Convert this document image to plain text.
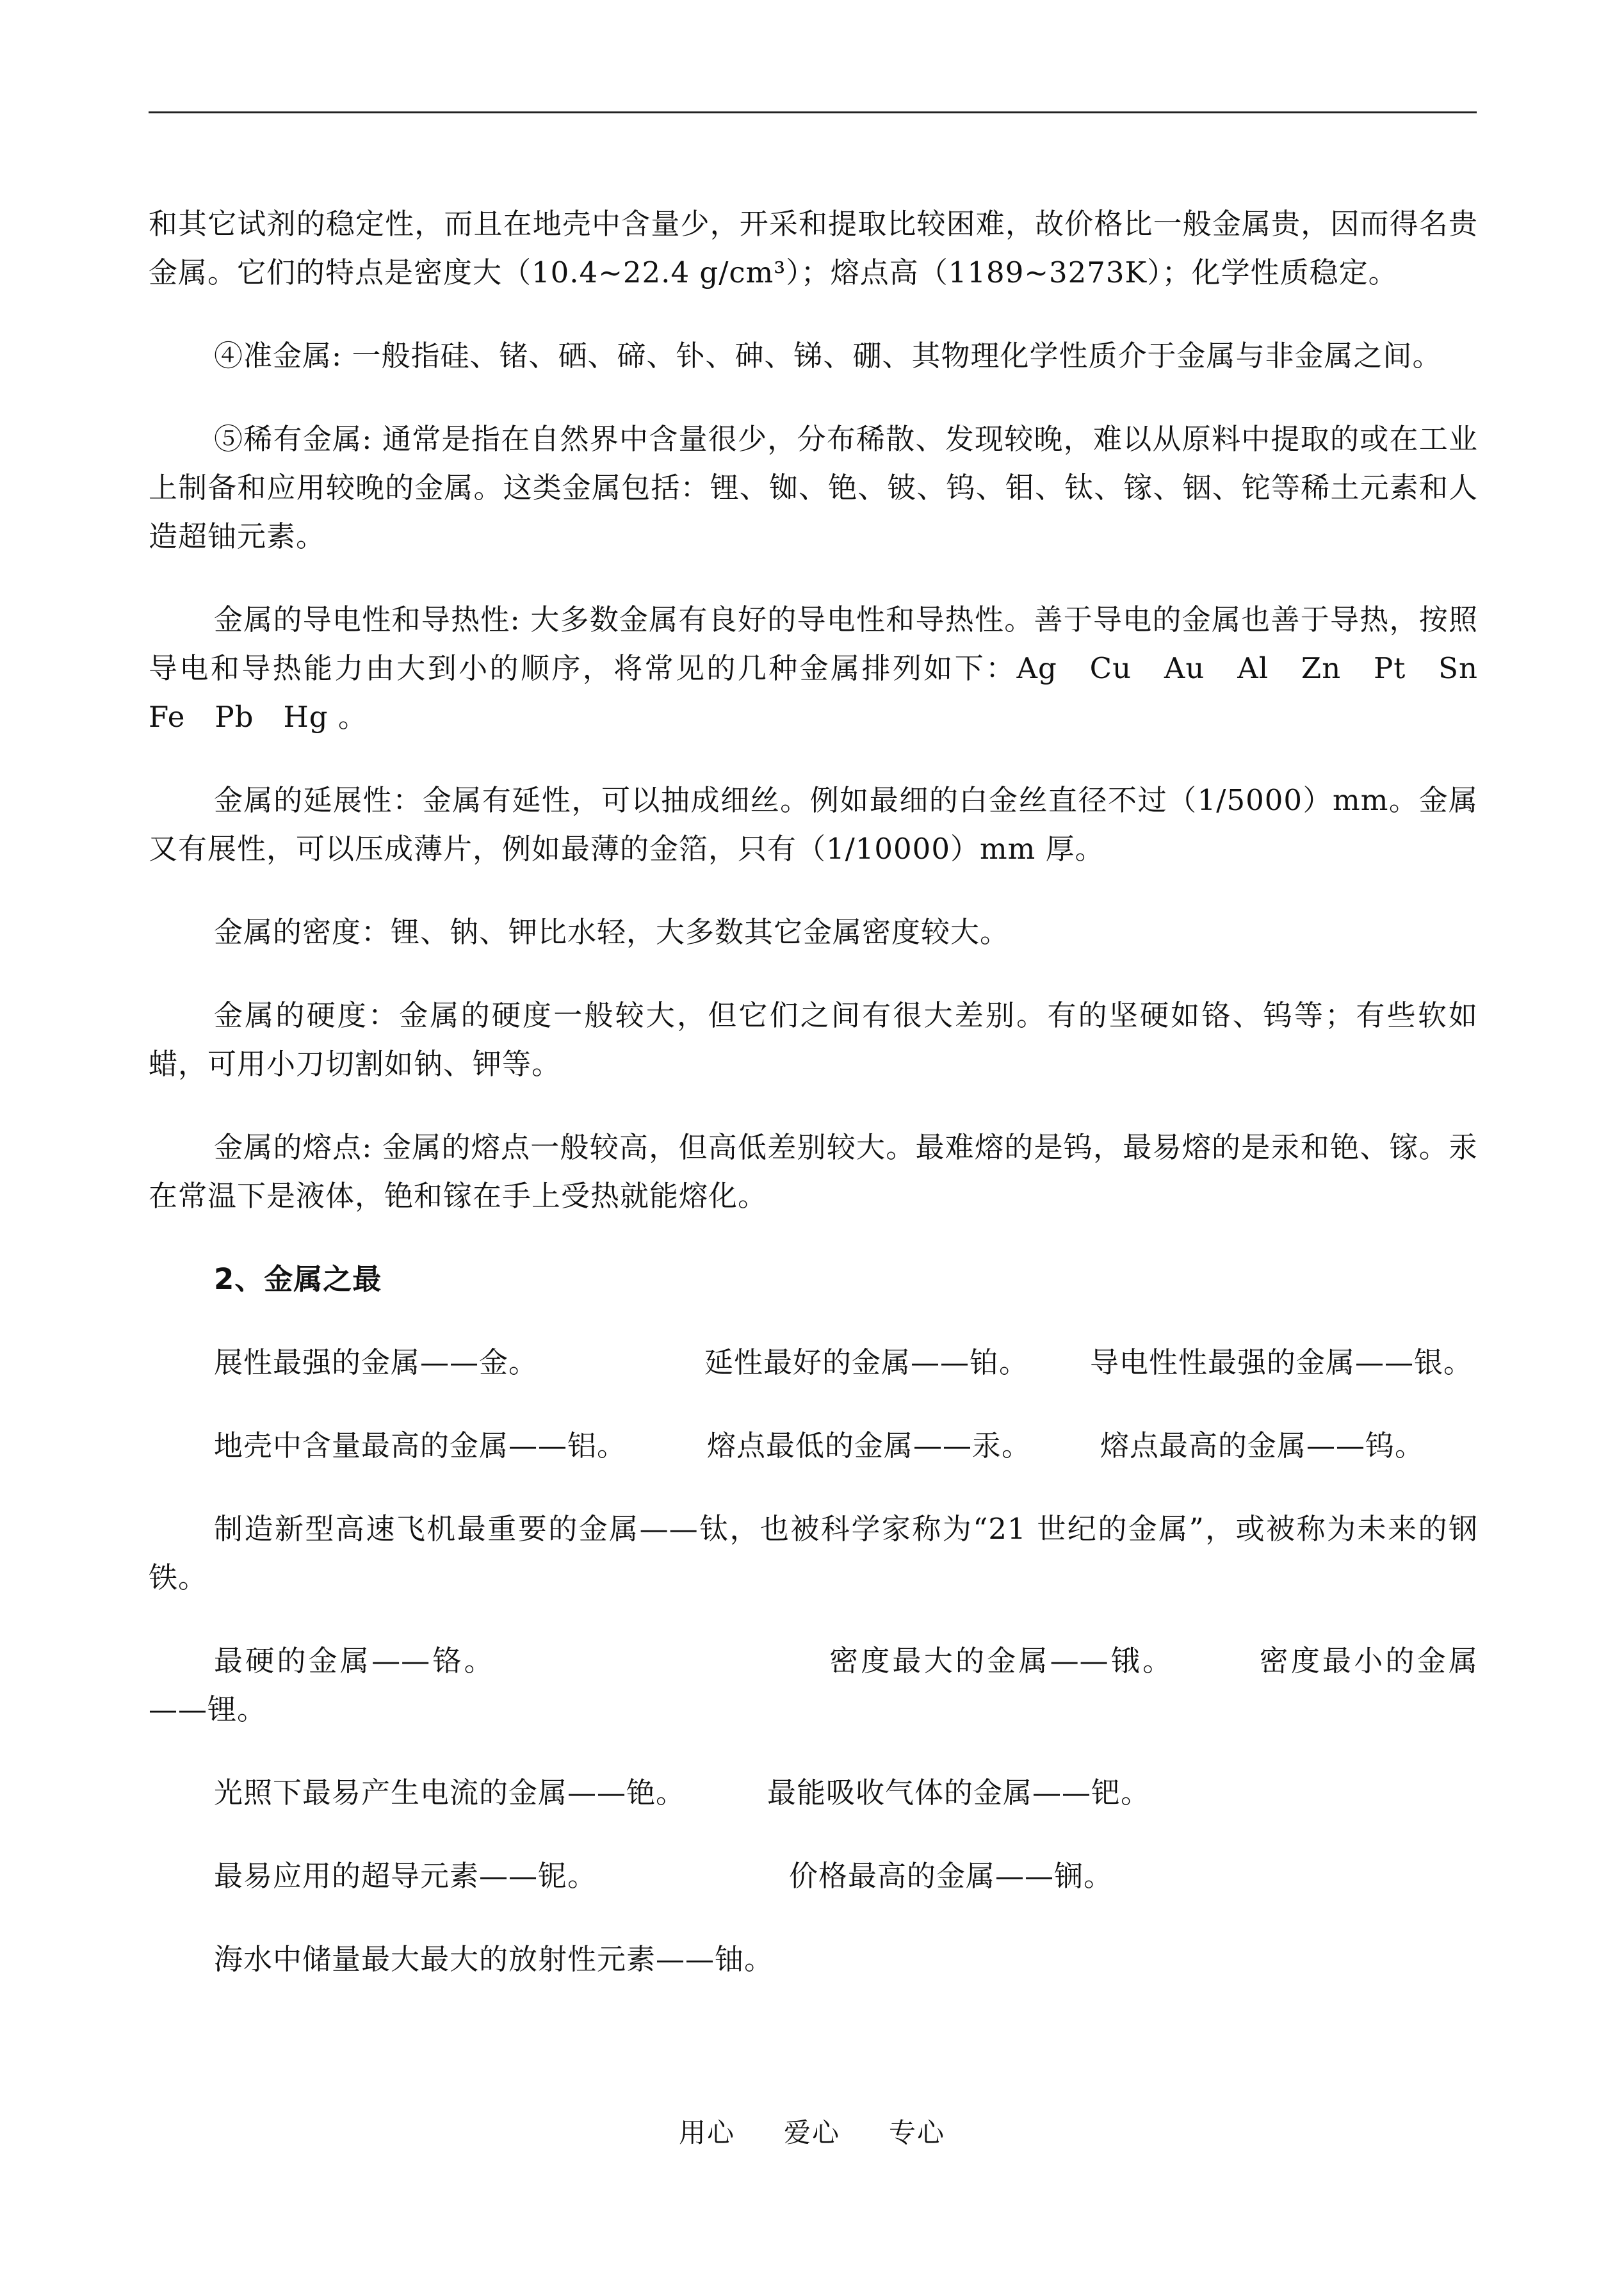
和其它试剂的稳定性，而且在地壳中含量少，开采和提取比较困难，故价格比一般金属贵，因而得名贵金属。它们的特点是密度大（10.4~22.4 g/cm³）；熔点高（1189~3273K）；化学性质稳定。

④准金属: 一般指硅、锗、硒、碲、钋、砷、锑、硼、其物理化学性质介于金属与非金属之间。

⑤稀有金属: 通常是指在自然界中含量很少，分布稀散、发现较晚，难以从原料中提取的或在工业上制备和应用较晚的金属。这类金属包括：锂、铷、铯、铍、钨、钼、钛、镓、铟、铊等稀土元素和人造超铀元素。

金属的导电性和导热性: 大多数金属有良好的导电性和导热性。善于导电的金属也善于导热，按照导电和导热能力由大到小的顺序，将常见的几种金属排列如下：Ag　Cu　Au　Al　Zn　Pt　Sn　Fe　Pb　Hg 。

金属的延展性：金属有延性，可以抽成细丝。例如最细的白金丝直径不过（1/5000）mm。金属又有展性，可以压成薄片，例如最薄的金箔，只有（1/10000）mm 厚。

金属的密度：锂、钠、钾比水轻，大多数其它金属密度较大。

金属的硬度：金属的硬度一般较大，但它们之间有很大差别。有的坚硬如铬、钨等；有些软如蜡，可用小刀切割如钠、钾等。

金属的熔点: 金属的熔点一般较高，但高低差别较大。最难熔的是钨，最易熔的是汞和铯、镓。汞在常温下是液体，铯和镓在手上受热就能熔化。

2、金属之最

展性最强的金属——金。	延性最好的金属——铂。 导电性性最强的金属——银。

地壳中含量最高的金属——铝。	熔点最低的金属——汞。 熔点最高的金属——钨。

制造新型高速飞机最重要的金属——钛，也被科学家称为“21 世纪的金属”，或被称为未来的钢铁。

最硬的金属——铬。	密度最大的金属——锇。	密度最小的金属——锂。

光照下最易产生电流的金属——铯。	最能吸收气体的金属——钯。

最易应用的超导元素——铌。	价格最高的金属——锎。

海水中储量最大最大的放射性元素——铀。

用心 爱心 专心
